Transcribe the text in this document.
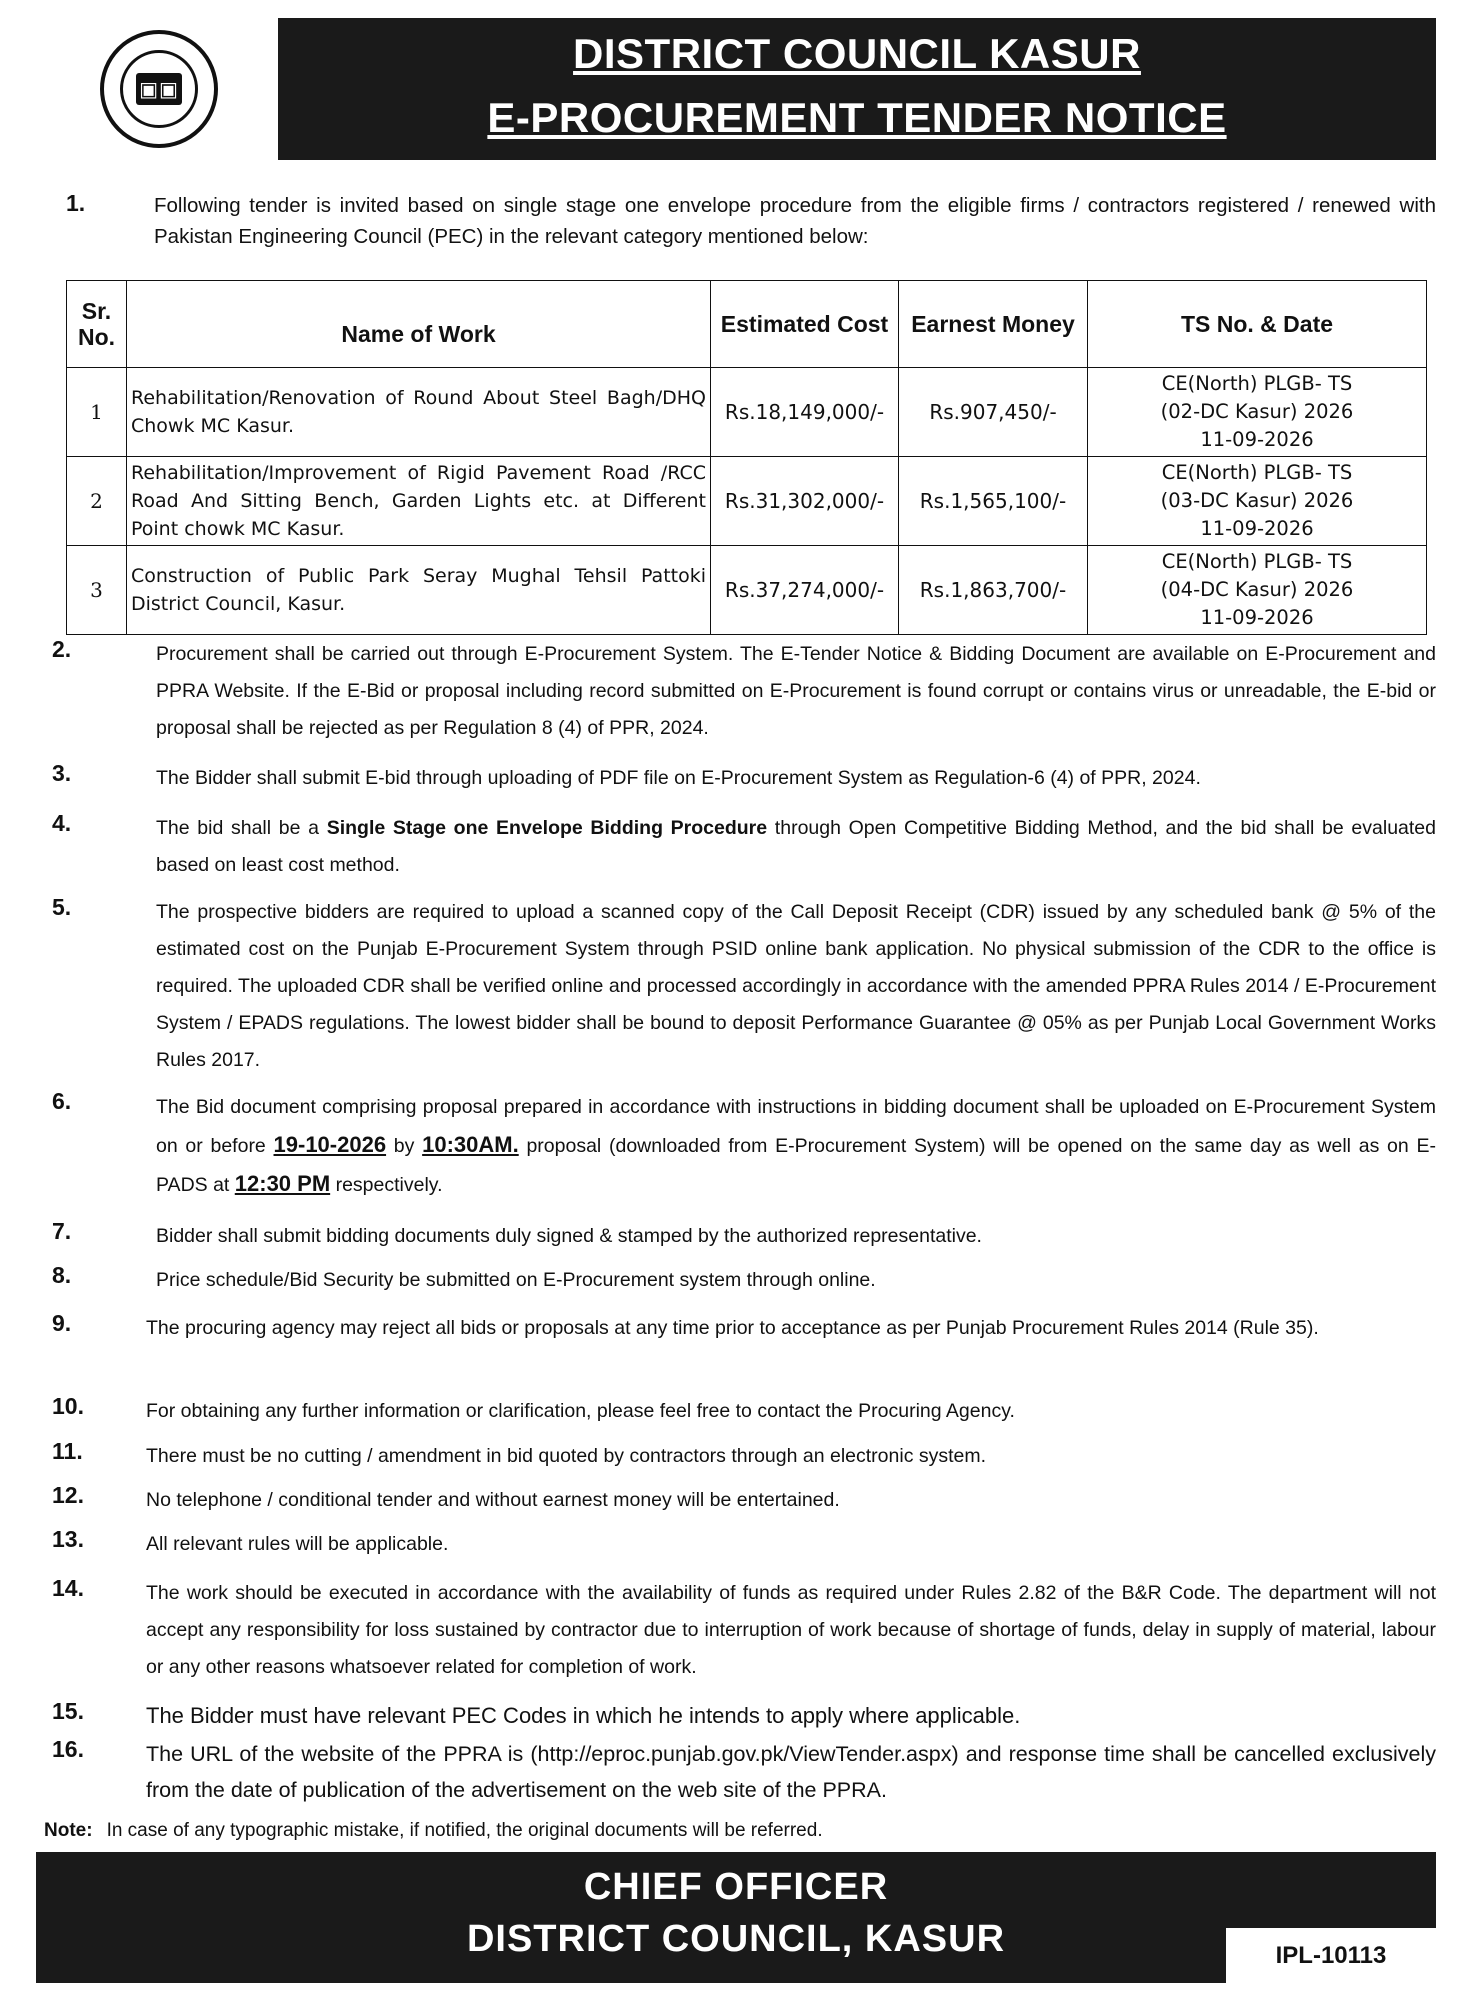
▣▣
DISTRICT COUNCIL KASUR
E-PROCUREMENT TENDER NOTICE
1.	Following tender is invited based on single stage one envelope procedure from the eligible firms / contractors registered / renewed with Pakistan Engineering Council (PEC) in the relevant category mentioned below:
Sr. No.	Name of Work	Estimated Cost	Earnest Money	TS No. & Date
1	Rehabilitation/Renovation of Round About Steel Bagh/DHQ Chowk MC Kasur.	Rs.18,149,000/-	Rs.907,450/-	CE(North) PLGB- TS
(02-DC Kasur) 2026
11-09-2026

2	Rehabilitation/Improvement of Rigid Pavement Road /RCC Road And Sitting Bench, Garden Lights etc. at Different Point chowk MC Kasur.	Rs.31,302,000/-	Rs.1,565,100/-	CE(North) PLGB- TS
(03-DC Kasur) 2026
11-09-2026

3	Construction of Public Park Seray Mughal Tehsil Pattoki District Council, Kasur.	Rs.37,274,000/-	Rs.1,863,700/-	CE(North) PLGB- TS
(04-DC Kasur) 2026
11-09-2026
2.	Procurement shall be carried out through E-Procurement System. The E-Tender Notice & Bidding Document are available on E-Procurement and PPRA Website. If the E-Bid or proposal including record submitted on E-Procurement is found corrupt or contains virus or unreadable, the E-bid or proposal shall be rejected as per Regulation 8 (4) of PPR, 2024.
3.	The Bidder shall submit E-bid through uploading of PDF file on E-Procurement System as Regulation-6 (4) of PPR, 2024.
4.	The bid shall be a Single Stage one Envelope Bidding Procedure through Open Competitive Bidding Method, and the bid shall be evaluated based on least cost method.
5.	The prospective bidders are required to upload a scanned copy of the Call Deposit Receipt (CDR) issued by any scheduled bank @ 5% of the estimated cost on the Punjab E-Procurement System through PSID online bank application. No physical submission of the CDR to the office is required. The uploaded CDR shall be verified online and processed accordingly in accordance with the amended PPRA Rules 2014 / E-Procurement System / EPADS regulations. The lowest bidder shall be bound to deposit Performance Guarantee @ 05% as per Punjab Local Government Works Rules 2017.
6.	The Bid document comprising proposal prepared in accordance with instructions in bidding document shall be uploaded on E-Procurement System on or before 19-10-2026 by 10:30AM. proposal (downloaded from E-Procurement System) will be opened on the same day as well as on E-PADS at 12:30 PM respectively.
7.	Bidder shall submit bidding documents duly signed & stamped by the authorized representative.
8.	Price schedule/Bid Security be submitted on E-Procurement system through online.
9.	The procuring agency may reject all bids or proposals at any time prior to acceptance as per Punjab Procurement Rules 2014 (Rule 35).
10.	For obtaining any further information or clarification, please feel free to contact the Procuring Agency.
11.	There must be no cutting / amendment in bid quoted by contractors through an electronic system.
12.	No telephone / conditional tender and without earnest money will be entertained.
13.	All relevant rules will be applicable.
14.	The work should be executed in accordance with the availability of funds as required under Rules 2.82 of the B&R Code. The department will not accept any responsibility for loss sustained by contractor due to interruption of work because of shortage of funds, delay in supply of material, labour or any other reasons whatsoever related for completion of work.
15.	The Bidder must have relevant PEC Codes in which he intends to apply where applicable.
16.	The URL of the website of the PPRA is (http://eproc.punjab.gov.pk/ViewTender.aspx) and response time shall be cancelled exclusively from the date of publication of the advertisement on the web site of the PPRA.
Note: In case of any typographic mistake, if notified, the original documents will be referred.
CHIEF OFFICER
DISTRICT COUNCIL, KASUR	IPL-10113
